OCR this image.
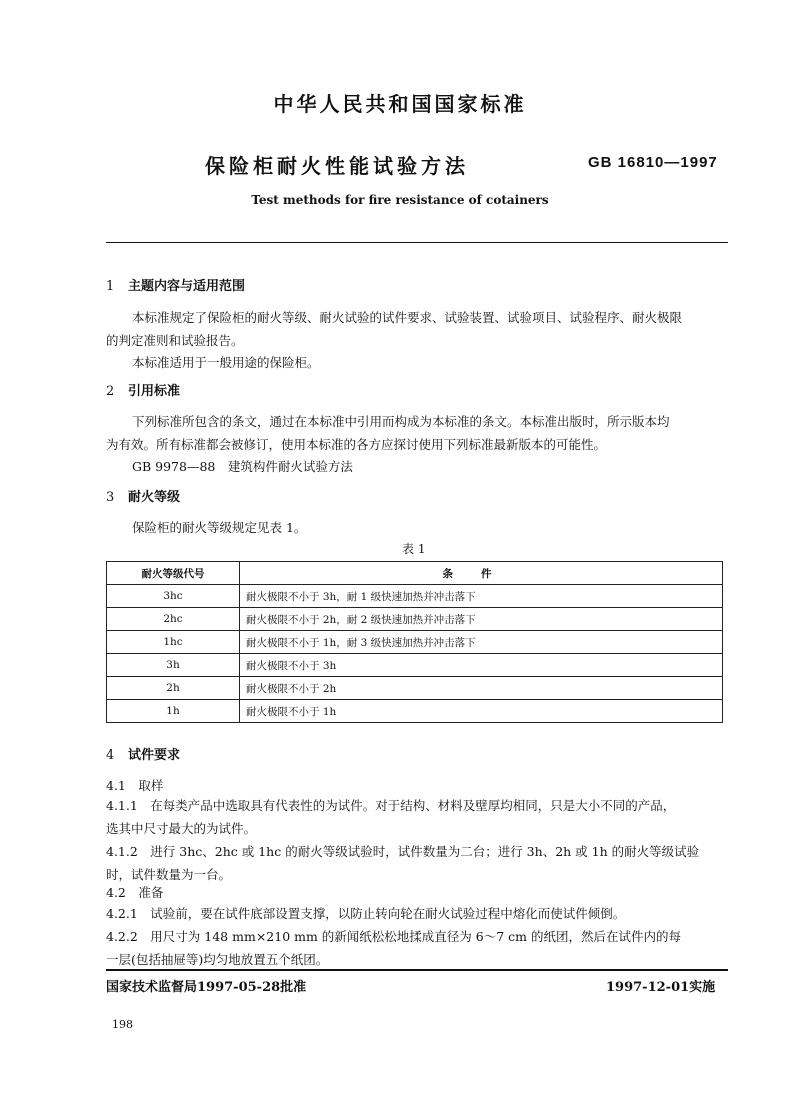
中华人民共和国国家标准
保险柜耐火性能试验方法	GB 16810—1997
Test methods for fire resistance of cotainers
1 主题内容与适用范围
本标准规定了保险柜的耐火等级、耐火试验的试件要求、试验装置、试验项目、试验程序、耐火极限
的判定准则和试验报告。
本标准适用于一般用途的保险柜。
2 引用标准
下列标准所包含的条文，通过在本标准中引用而构成为本标准的条文。本标准出版时，所示版本均
为有效。所有标准都会被修订，使用本标准的各方应探讨使用下列标准最新版本的可能性。
GB 9978—88　建筑构件耐火试验方法
3 耐火等级
保险柜的耐火等级规定见表 1。
表 1
耐火等级代号	条件
3hc	耐火极限不小于 3h，耐 1 级快速加热并冲击落下
2hc	耐火极限不小于 2h，耐 2 级快速加热并冲击落下
1hc	耐火极限不小于 1h，耐 3 级快速加热并冲击落下
3h	耐火极限不小于 3h
2h	耐火极限不小于 2h
1h	耐火极限不小于 1h
4 试件要求
4.1　取样
4.1.1　在每类产品中选取具有代表性的为试件。对于结构、材料及壁厚均相同，只是大小不同的产品，
选其中尺寸最大的为试件。
4.1.2　进行 3hc、2hc 或 1hc 的耐火等级试验时，试件数量为二台；进行 3h、2h 或 1h 的耐火等级试验
时，试件数量为一台。
4.2　准备
4.2.1　试验前，要在试件底部设置支撑，以防止转向轮在耐火试验过程中熔化而使试件倾倒。
4.2.2　用尺寸为 148 mm×210 mm 的新闻纸松松地揉成直径为 6～7 cm 的纸团，然后在试件内的每
一层(包括抽屉等)均匀地放置五个纸团。
国家技术监督局1997-05-28批准	1997-12-01实施
198
